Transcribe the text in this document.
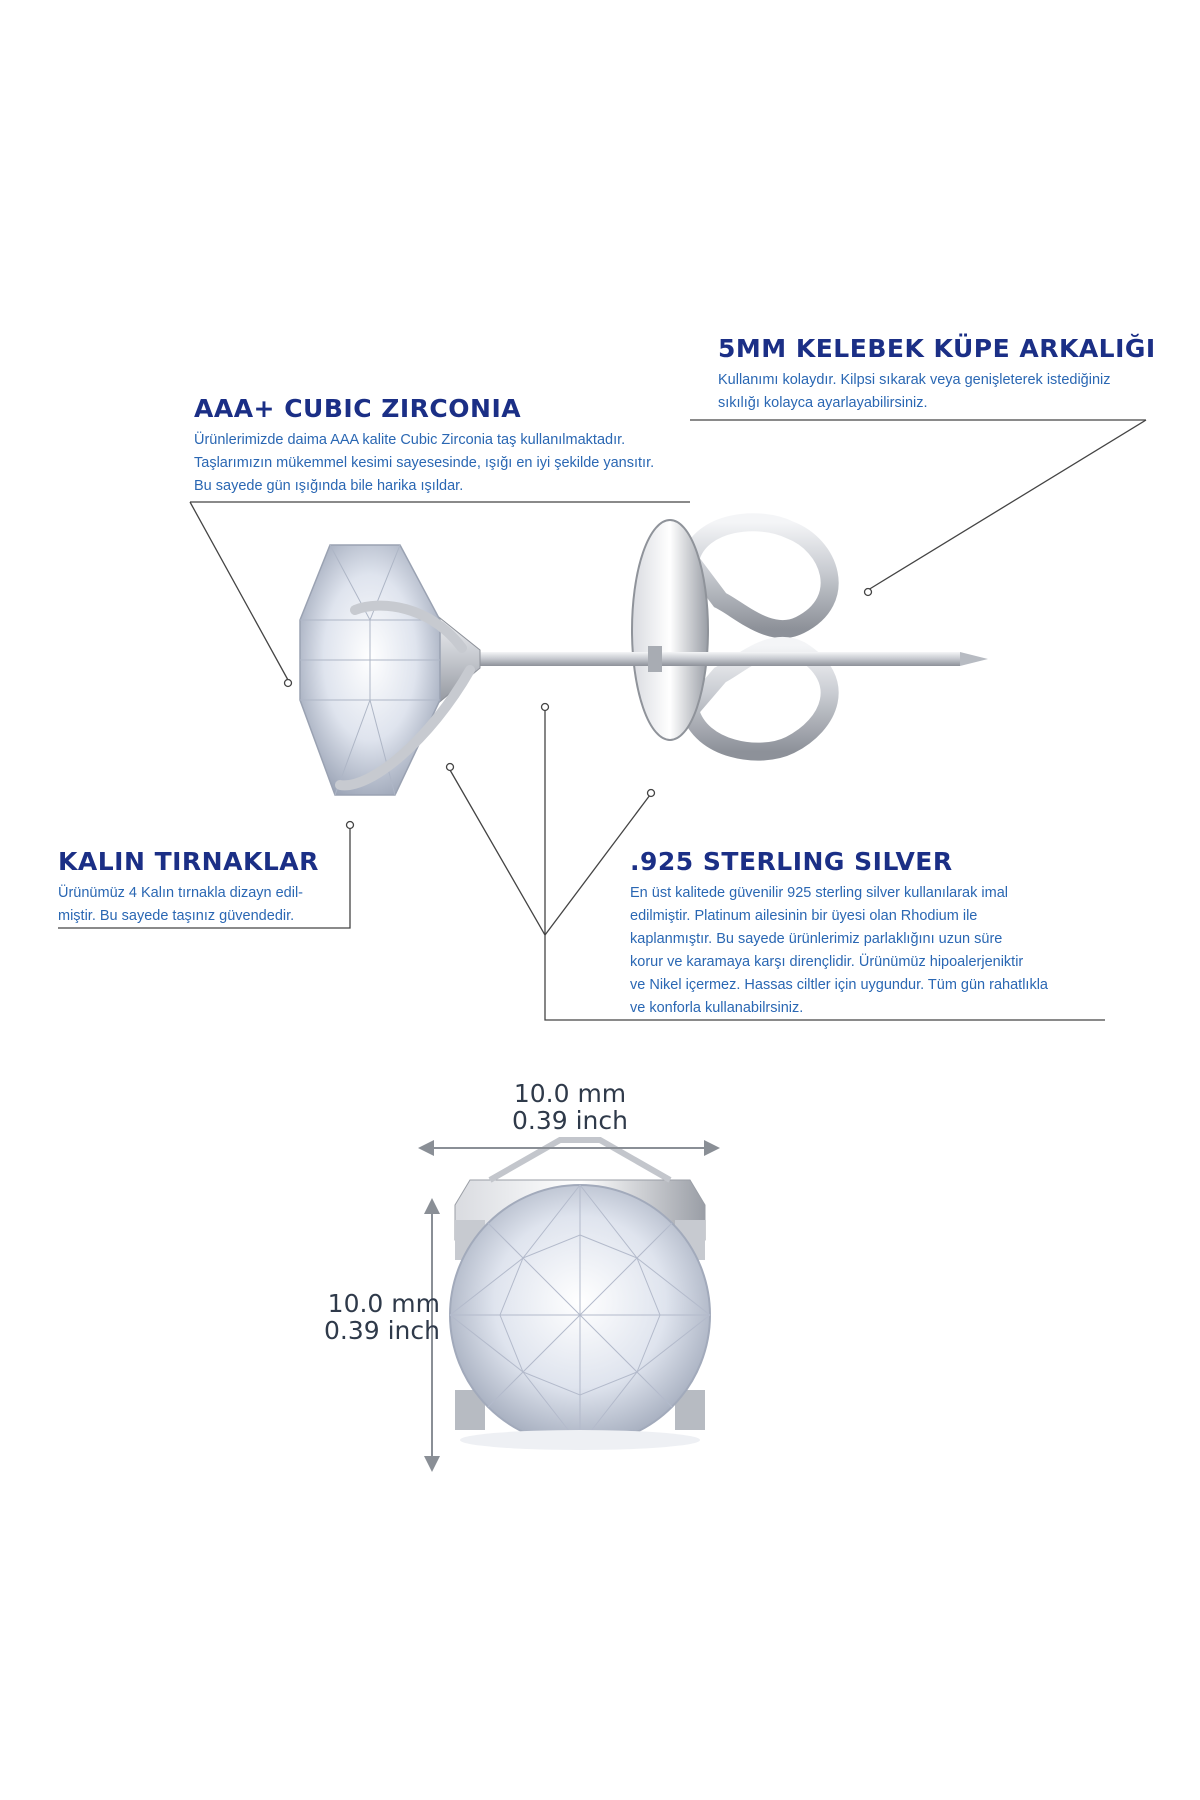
AAA+ CUBIC ZIRCONIA

Ürünlerimizde daima AAA kalite Cubic Zirconia taş kullanılmaktadır.
Taşlarımızın mükemmel kesimi sayesesinde, ışığı en iyi şekilde yansıtır.
Bu sayede gün ışığında bile harika ışıldar.

5MM KELEBEK KÜPE ARKALIĞI

Kullanımı kolaydır. Kilpsi sıkarak veya genişleterek istediğiniz
sıkılığı kolayca ayarlayabilirsiniz.

KALIN TIRNAKLAR

Ürünümüz 4 Kalın tırnakla dizayn edil-
miştir. Bu sayede taşınız güvendedir.

.925 STERLING SILVER

En üst kalitede güvenilir 925 sterling silver kullanılarak imal
edilmiştir. Platinum ailesinin bir üyesi olan Rhodium ile
kaplanmıştır. Bu sayede ürünlerimiz parlaklığını uzun süre
korur ve karamaya karşı dirençlidir. Ürünümüz hipoalerjeniktir
ve Nikel içermez. Hassas ciltler için uygundur. Tüm gün rahatlıkla
ve konforla kullanabilrsiniz.

10.0 mm
0.39 inch
10.0 mm
0.39 inch
